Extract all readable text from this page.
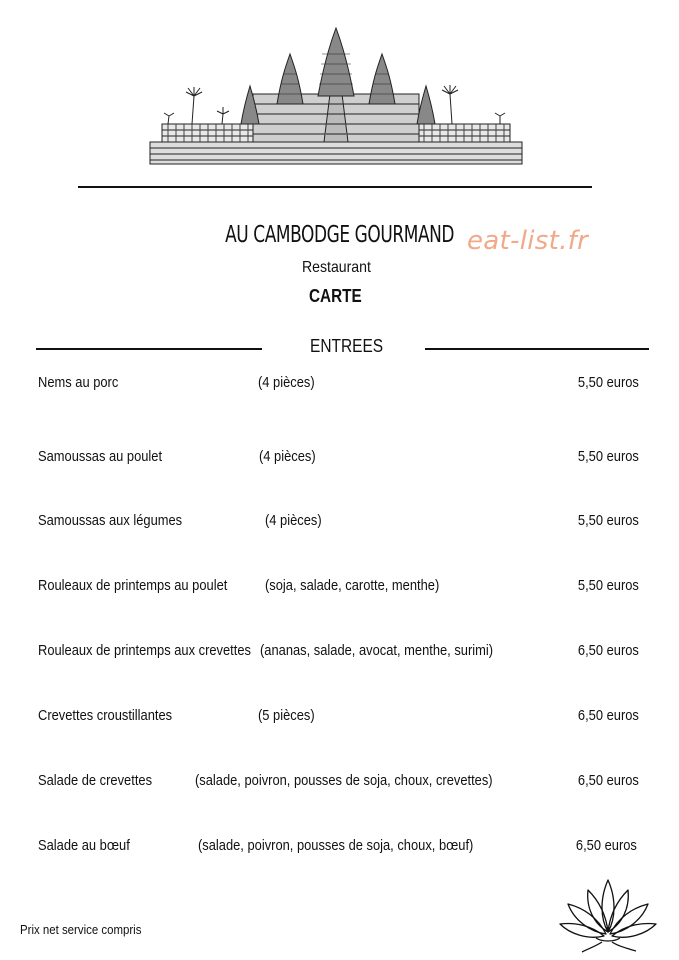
AU CAMBODGE GOURMAND eat-list.fr
Restaurant
CARTE
ENTREES
Nems au porc	(4 pièces)	5,50 euros
Samoussas au poulet	(4 pièces)	5,50 euros
Samoussas aux légumes	(4 pièces)	5,50 euros
Rouleaux de printemps au poulet	(soja, salade, carotte, menthe)	5,50 euros
Rouleaux de printemps aux crevettes (ananas, salade, avocat, menthe, surimi)	6,50 euros
Crevettes croustillantes	(5 pièces)	6,50 euros
Salade de crevettes	(salade, poivron, pousses de soja, choux, crevettes)	6,50 euros
Salade au bœuf	(salade, poivron, pousses de soja, choux, bœuf)	6,50 euros
Prix net service compris
